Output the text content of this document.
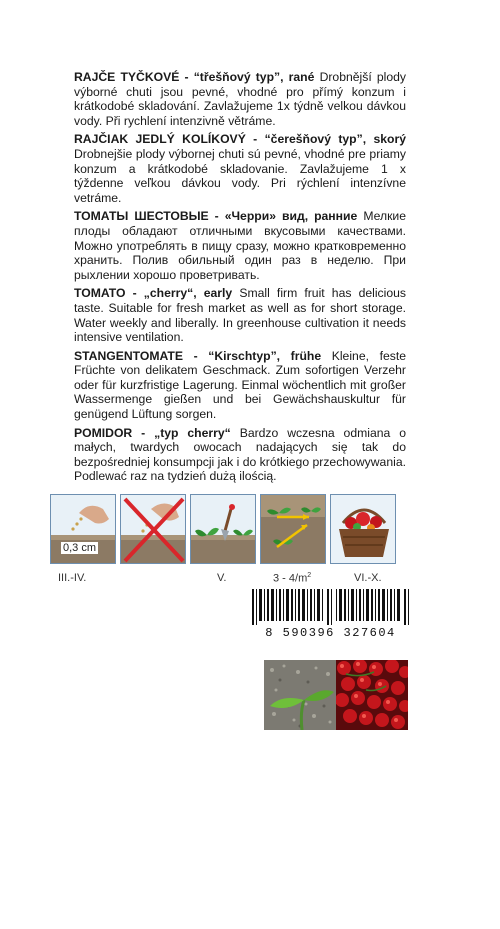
RAJČE TYČKOVÉ - “třešňový typ”, rané Drobnější plody výborné chuti jsou pevné, vhodné pro přímý konzum i krátkodobé skladování. Zavlažujeme 1x týdně velkou dávkou vody. Při rychlení intenzivně větráme.

RAJČIAK JEDLÝ KOLÍKOVÝ - “čerešňový typ”, skorý Drobnejšie plody výbornej chuti sú pevné, vhodné pre priamy konzum a krátkodobé skladovanie. Zavlažujeme 1 x týždenne veľkou dávkou vody. Pri rýchlení intenzívne vetráme.

ТОМАТЫ ШЕСТОВЫЕ - «Черри» вид, ранние Мелкие плоды обладают отличными вкусовыми качествами. Можно употреблять в пищу сразу, можно кратковременно хранить. Полив обильный один раз в неделю. При рыхлении хорошо проветривать.

TOMATO - „cherry“, early Small firm fruit has delicious taste. Suitable for fresh market as well as for short storage. Water weekly and liberally. In greenhouse cultivation it needs intensive ventilation.

STANGENTOMATE - “Kirschtyp”, frühe Kleine, feste Früchte von delikatem Geschmack. Zum sofortigen Verzehr oder für kurzfristige Lagerung. Einmal wöchentlich mit großer Wassermenge gießen und bei Gewächshauskultur für genügend Lüftung sorgen.

POMIDOR - „typ cherry“ Bardzo wczesna odmiana o małych, twardych owocach nadających się tak do bezpośredniej konsumpcji jak i do krótkiego przechowywania. Podlewać raz na tydzień dużą ilością.

0,3 cm
III.-IV.	V.	$3 - 4/m^2$	VI.-X.
8 590396 327604
